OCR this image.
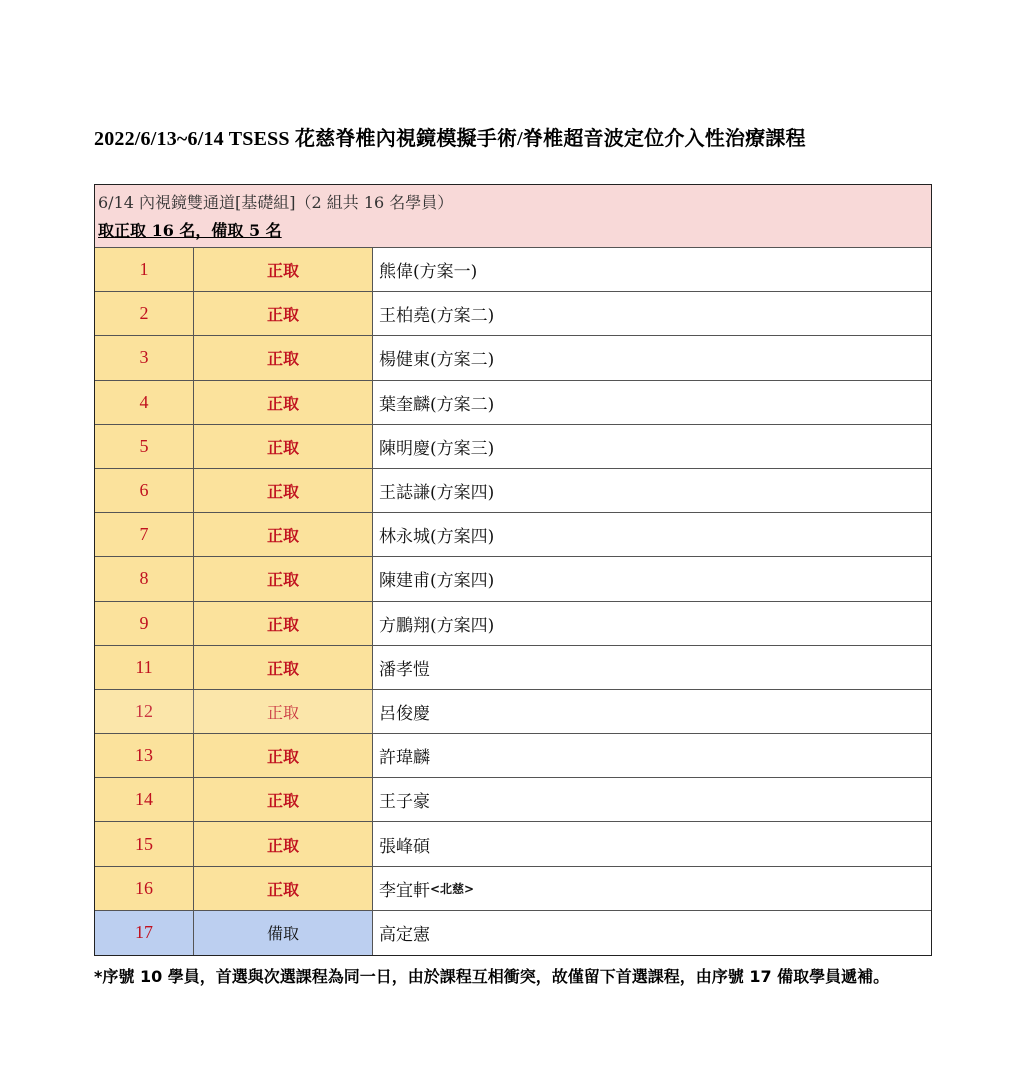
2022/6/13~6/14 TSESS 花慈脊椎內視鏡模擬手術/脊椎超音波定位介入性治療課程
6/14 內視鏡雙通道[基礎組]（2 組共 16 名學員）
取正取 16 名，備取 5 名
1	正取	熊偉(方案一)
2	正取	王柏堯(方案二)
3	正取	楊健東(方案二)
4	正取	葉奎麟(方案二)
5	正取	陳明慶(方案三)
6	正取	王誌謙(方案四)
7	正取	林永城(方案四)
8	正取	陳建甫(方案四)
9	正取	方鵬翔(方案四)
11	正取	潘孝愷
12	正取	呂俊慶
13	正取	許瑋麟
14	正取	王子豪
15	正取	張峰碩
16	正取	李宜軒 <北慈>
17	備取	高定憲
*序號 10 學員，首選與次選課程為同一日，由於課程互相衝突，故僅留下首選課程，由序號 17 備取學員遞補。
